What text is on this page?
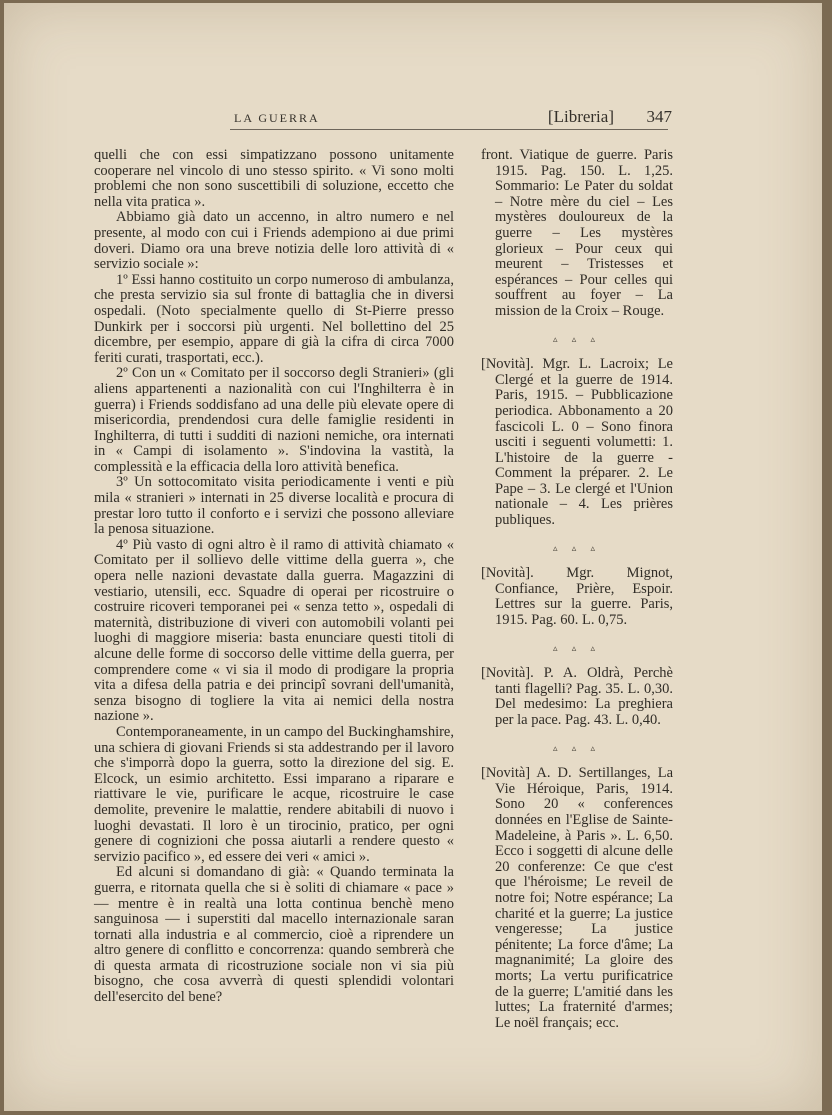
LA GUERRA	[Libreria] 347

quelli che con essi simpatizzano possono unitamente cooperare nel vincolo di uno stesso spirito. « Vi sono molti problemi che non sono suscettibili di soluzione, eccetto che nella vita pratica ».

Abbiamo già dato un accenno, in altro numero e nel presente, al modo con cui i Friends adempiono ai due primi doveri. Diamo ora una breve notizia delle loro attività di « servizio sociale »:

1º Essi hanno costituito un corpo numeroso di ambulanza, che presta servizio sia sul fronte di battaglia che in diversi ospedali. (Noto specialmente quello di St-Pierre presso Dunkirk per i soccorsi più urgenti. Nel bollettino del 25 dicembre, per esempio, appare di già la cifra di circa 7000 feriti curati, trasportati, ecc.).

2º Con un « Comitato per il soccorso degli Stranieri» (gli aliens appartenenti a nazionalità con cui l'Inghilterra è in guerra) i Friends soddisfano ad una delle più elevate opere di misericordia, prendendosi cura delle famiglie residenti in Inghilterra, di tutti i sudditi di nazioni nemiche, ora internati in « Campi di isolamento ». S'indovina la vastità, la complessità e la efficacia della loro attività benefica.

3º Un sottocomitato visita periodicamente i venti e più mila « stranieri » internati in 25 diverse località e procura di prestar loro tutto il conforto e i servizi che possono alleviare la penosa situazione.

4º Più vasto di ogni altro è il ramo di attività chiamato « Comitato per il sollievo delle vittime della guerra », che opera nelle nazioni devastate dalla guerra. Magazzini di vestiario, utensili, ecc. Squadre di operai per ricostruire o costruire ricoveri temporanei pei « senza tetto », ospedali di maternità, distribuzione di viveri con automobili volanti pei luoghi di maggiore miseria: basta enunciare questi titoli di alcune delle forme di soccorso delle vittime della guerra, per comprendere come « vi sia il modo di prodigare la propria vita a difesa della patria e dei principî sovrani dell'umanità, senza bisogno di togliere la vita ai nemici della nostra nazione ».

Contemporaneamente, in un campo del Buckinghamshire, una schiera di giovani Friends si sta addestrando per il lavoro che s'imporrà dopo la guerra, sotto la direzione del sig. E. Elcock, un esimio architetto. Essi imparano a riparare e riattivare le vie, purificare le acque, ricostruire le case demolite, prevenire le malattie, rendere abitabili di nuovo i luoghi devastati. Il loro è un tirocinio, pratico, per ogni genere di cognizioni che possa aiutarli a rendere questo « servizio pacifico », ed essere dei veri « amici ».

Ed alcuni si domandano di già: « Quando terminata la guerra, e ritornata quella che si è soliti di chiamare « pace » — mentre è in realtà una lotta continua benchè meno sanguinosa — i superstiti dal macello internazionale saran tornati alla industria e al commercio, cioè a riprendere un altro genere di conflitto e concorrenza: quando sembrerà che di questa armata di ricostruzione sociale non vi sia più bisogno, che cosa avverrà di questi splendidi volontari dell'esercito del bene?

front. Viatique de guerre. Paris 1915. Pag. 150. L. 1,25. Sommario: Le Pater du soldat – Notre mère du ciel – Les mystères douloureux de la guerre – Les mystères glorieux – Pour ceux qui meurent – Tristesses et espérances – Pour celles qui souffrent au foyer – La mission de la Croix – Rouge.

▵ ▵ ▵

[Novità]. Mgr. L. Lacroix; Le Clergé et la guerre de 1914. Paris, 1915. – Pubblicazione periodica. Abbonamento a 20 fascicoli L. 0 – Sono finora usciti i seguenti volumetti: 1. L'histoire de la guerre - Comment la préparer. 2. Le Pape – 3. Le clergé et l'Union nationale – 4. Les prières publiques.

▵ ▵ ▵

[Novità]. Mgr. Mignot, Confiance, Prière, Espoir. Lettres sur la guerre. Paris, 1915. Pag. 60. L. 0,75.

▵ ▵ ▵

[Novità]. P. A. Oldrà, Perchè tanti flagelli? Pag. 35. L. 0,30. Del medesimo: La preghiera per la pace. Pag. 43. L. 0,40.

▵ ▵ ▵

[Novità] A. D. Sertillanges, La Vie Héroique, Paris, 1914. Sono 20 « conferences données en l'Eglise de Sainte-Madeleine, à Paris ». L. 6,50. Ecco i soggetti di alcune delle 20 conferenze: Ce que c'est que l'héroisme; Le reveil de notre foi; Notre espérance; La charité et la guerre; La justice vengeresse; La justice pénitente; La force d'âme; La magnanimité; La gloire des morts; La vertu purificatrice de la guerre; L'amitié dans les luttes; La fraternité d'armes; Le noël français; ecc.
